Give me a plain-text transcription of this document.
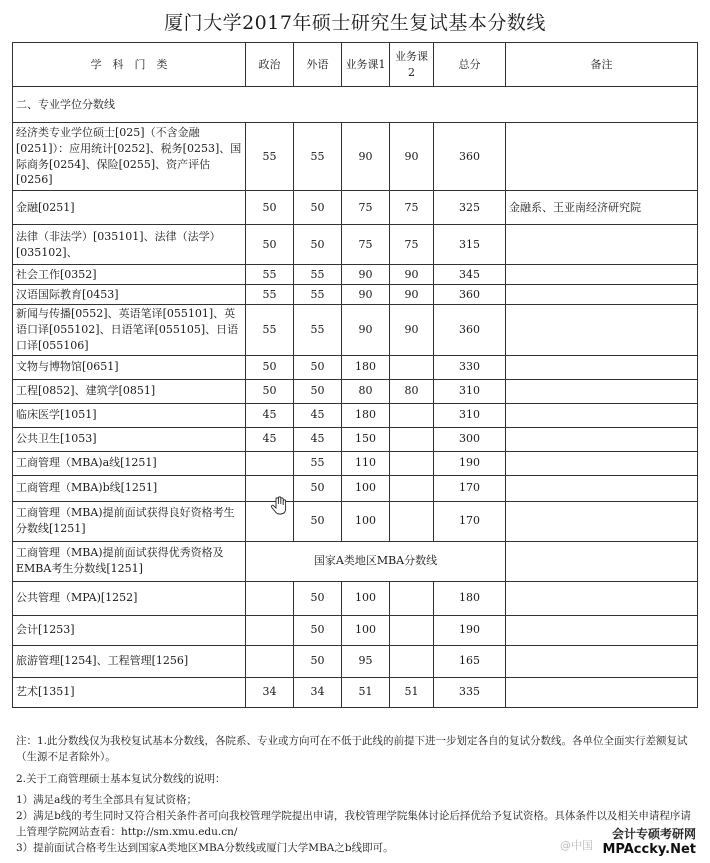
厦门大学2017年硕士研究生复试基本分数线
学　科　门　类	政治	外语	业务课1	业务课2	总分	备注
二、专业学位分数线						
经济类专业学位硕士[025]（不含金融[0251]）：应用统计[0252]、税务[0253]、国际商务[0254]、保险[0255]、资产评估[0256]	55	55	90	90	360	
金融[0251]	50	50	75	75	325	金融系、王亚南经济研究院
法律（非法学）[035101]、法律（法学）[035102]、	50	50	75	75	315	
社会工作[0352]	55	55	90	90	345	
汉语国际教育[0453]	55	55	90	90	360	
新闻与传播[0552]、英语笔译[055101]、英语口译[055102]、日语笔译[055105]、日语口译[055106]	55	55	90	90	360	
文物与博物馆[0651]	50	50	180		330	
工程[0852]、建筑学[0851]	50	50	80	80	310	
临床医学[1051]	45	45	180		310	
公共卫生[1053]	45	45	150		300	
工商管理（MBA)a线[1251]		55	110		190	
工商管理（MBA)b线[1251]		50	100		170	
工商管理（MBA)提前面试获得良好资格考生分数线[1251]		50	100		170	
工商管理（MBA)提前面试获得优秀资格及EMBA考生分数线[1251]	国家A类地区MBA分数线					
公共管理（MPA)[1252]		50	100		180	
会计[1253]		50	100		190	
旅游管理[1254]、工程管理[1256]		50	95		165	
艺术[1351]	34	34	51	51	335	

注：1.此分数线仅为我校复试基本分数线，各院系、专业或方向可在不低于此线的前提下进一步划定各自的复试分数线。各单位全面实行差额复试（生源不足者除外）。

2.关于工商管理硕士基本复试分数线的说明：

1）满足a线的考生全部具有复试资格；

2）满足b线的考生同时又符合相关条件者可向我校管理学院提出申请，我校管理学院集体讨论后择优给予复试资格。具体条件以及相关申请程序请上管理学院网站查看：http://sm.xmu.edu.cn/

3）提前面试合格考生达到国家A类地区MBA分数线或厦门大学MBA之b线即可。	@中国
会计专硕考研网
MPAccky.Net
